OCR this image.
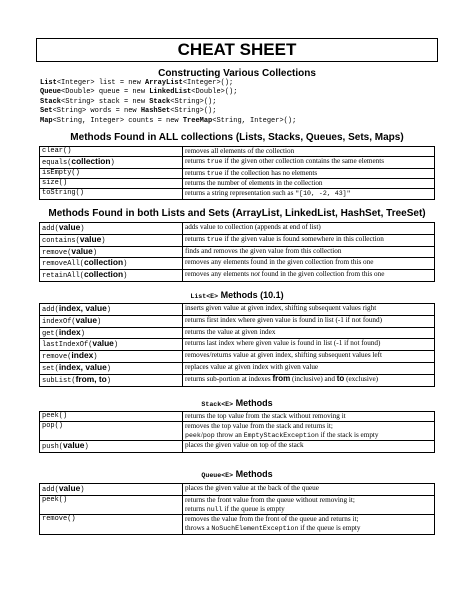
CHEAT SHEET
Constructing Various Collections
List<Integer> list = new ArrayList<Integer>();
Queue<Double> queue = new LinkedList<Double>();
Stack<String> stack = new Stack<String>();
Set<String> words = new HashSet<String>();
Map<String, Integer> counts = new TreeMap<String, Integer>();
Methods Found in ALL collections (Lists, Stacks, Queues, Sets, Maps)
clear()	removes all elements of the collection

equals(collection)	returns true if the given other collection contains the same elements

isEmpty()	returns true if the collection has no elements

size()	returns the number of elements in the collection

toString()	returns a string representation such as "[10, -2, 43]"
Methods Found in both Lists and Sets (ArrayList, LinkedList, HashSet, TreeSet)
add(value)	adds value to collection (appends at end of list)

contains(value)	returns true if the given value is found somewhere in this collection

remove(value)	finds and removes the given value from this collection

removeAll(collection)	removes any elements found in the given collection from this one

retainAll(collection)	removes any elements not found in the given collection from this one
List<E> Methods (10.1)
add(index, value)	inserts given value at given index, shifting subsequent values right

indexOf(value)	returns first index where given value is found in list (-1 if not found)

get(index)	returns the value at given index

lastIndexOf(value)	returns last index where given value is found in list (-1 if not found)

remove(index)	removes/returns value at given index, shifting subsequent values left

set(index, value)	replaces value at given index with given value

subList(from, to)	returns sub-portion at indexes from (inclusive) and to (exclusive)
Stack<E> Methods
peek()	returns the top value from the stack without removing it

pop()	removes the top value from the stack and returns it;
peek/pop throw an EmptyStackException if the stack is empty

push(value)	places the given value on top of the stack
Queue<E> Methods
add(value)	places the given value at the back of the queue

peek()	returns the front value from the queue without removing it;
returns null if the queue is empty

remove()	removes the value from the front of the queue and returns it;
throws a NoSuchElementException if the queue is empty
